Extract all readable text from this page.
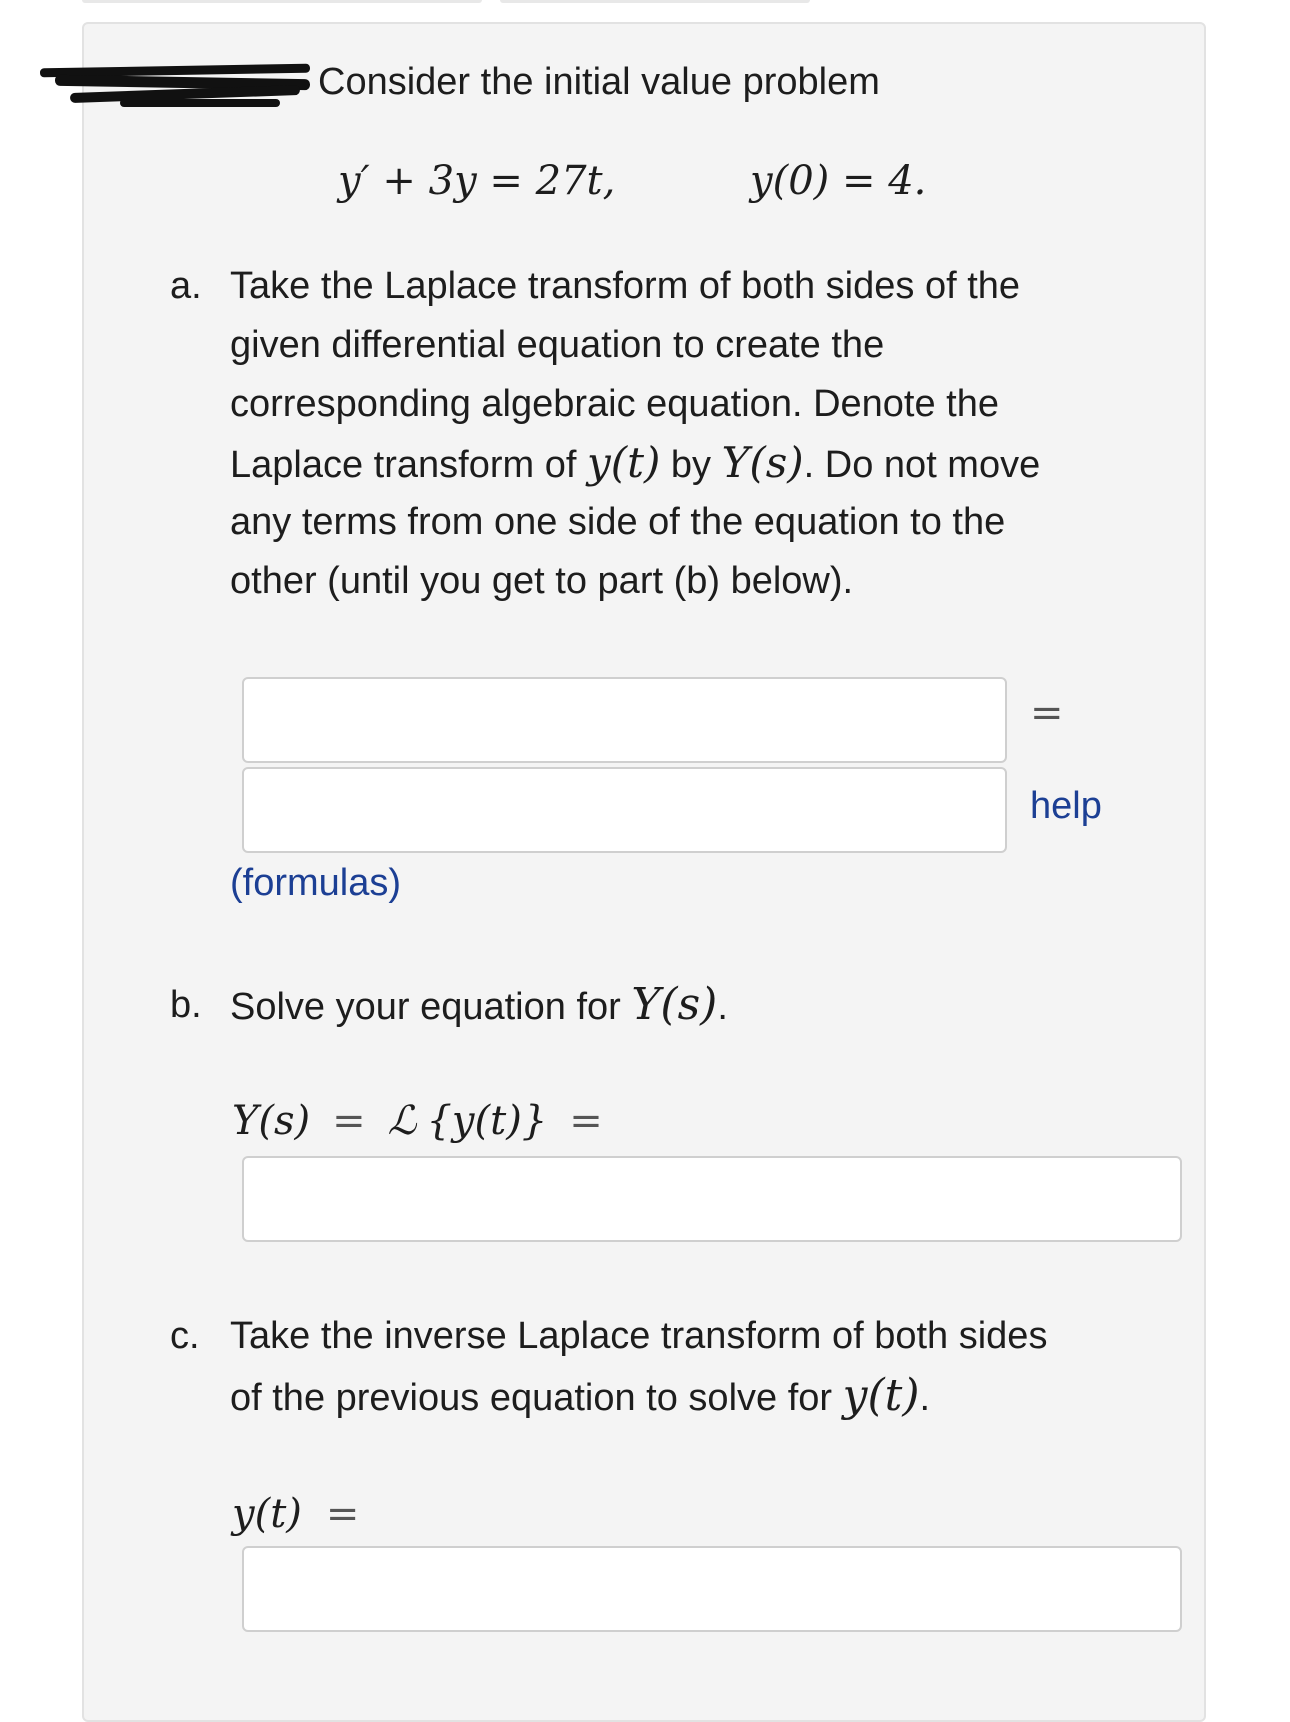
Consider the initial value problem
y′ + 3y = 27t,	y(0) = 4.
a. Take the Laplace transform of both sides of the
given differential equation to create the
corresponding algebraic equation. Denote the
Laplace transform of y(t) by Y(s). Do not move
any terms from one side of the equation to the
other (until you get to part (b) below).
=
help
(formulas)
b. Solve your equation for Y(s).
Y(s) = ℒ {y(t)} =
c. Take the inverse Laplace transform of both sides
of the previous equation to solve for y(t).
y(t) =
